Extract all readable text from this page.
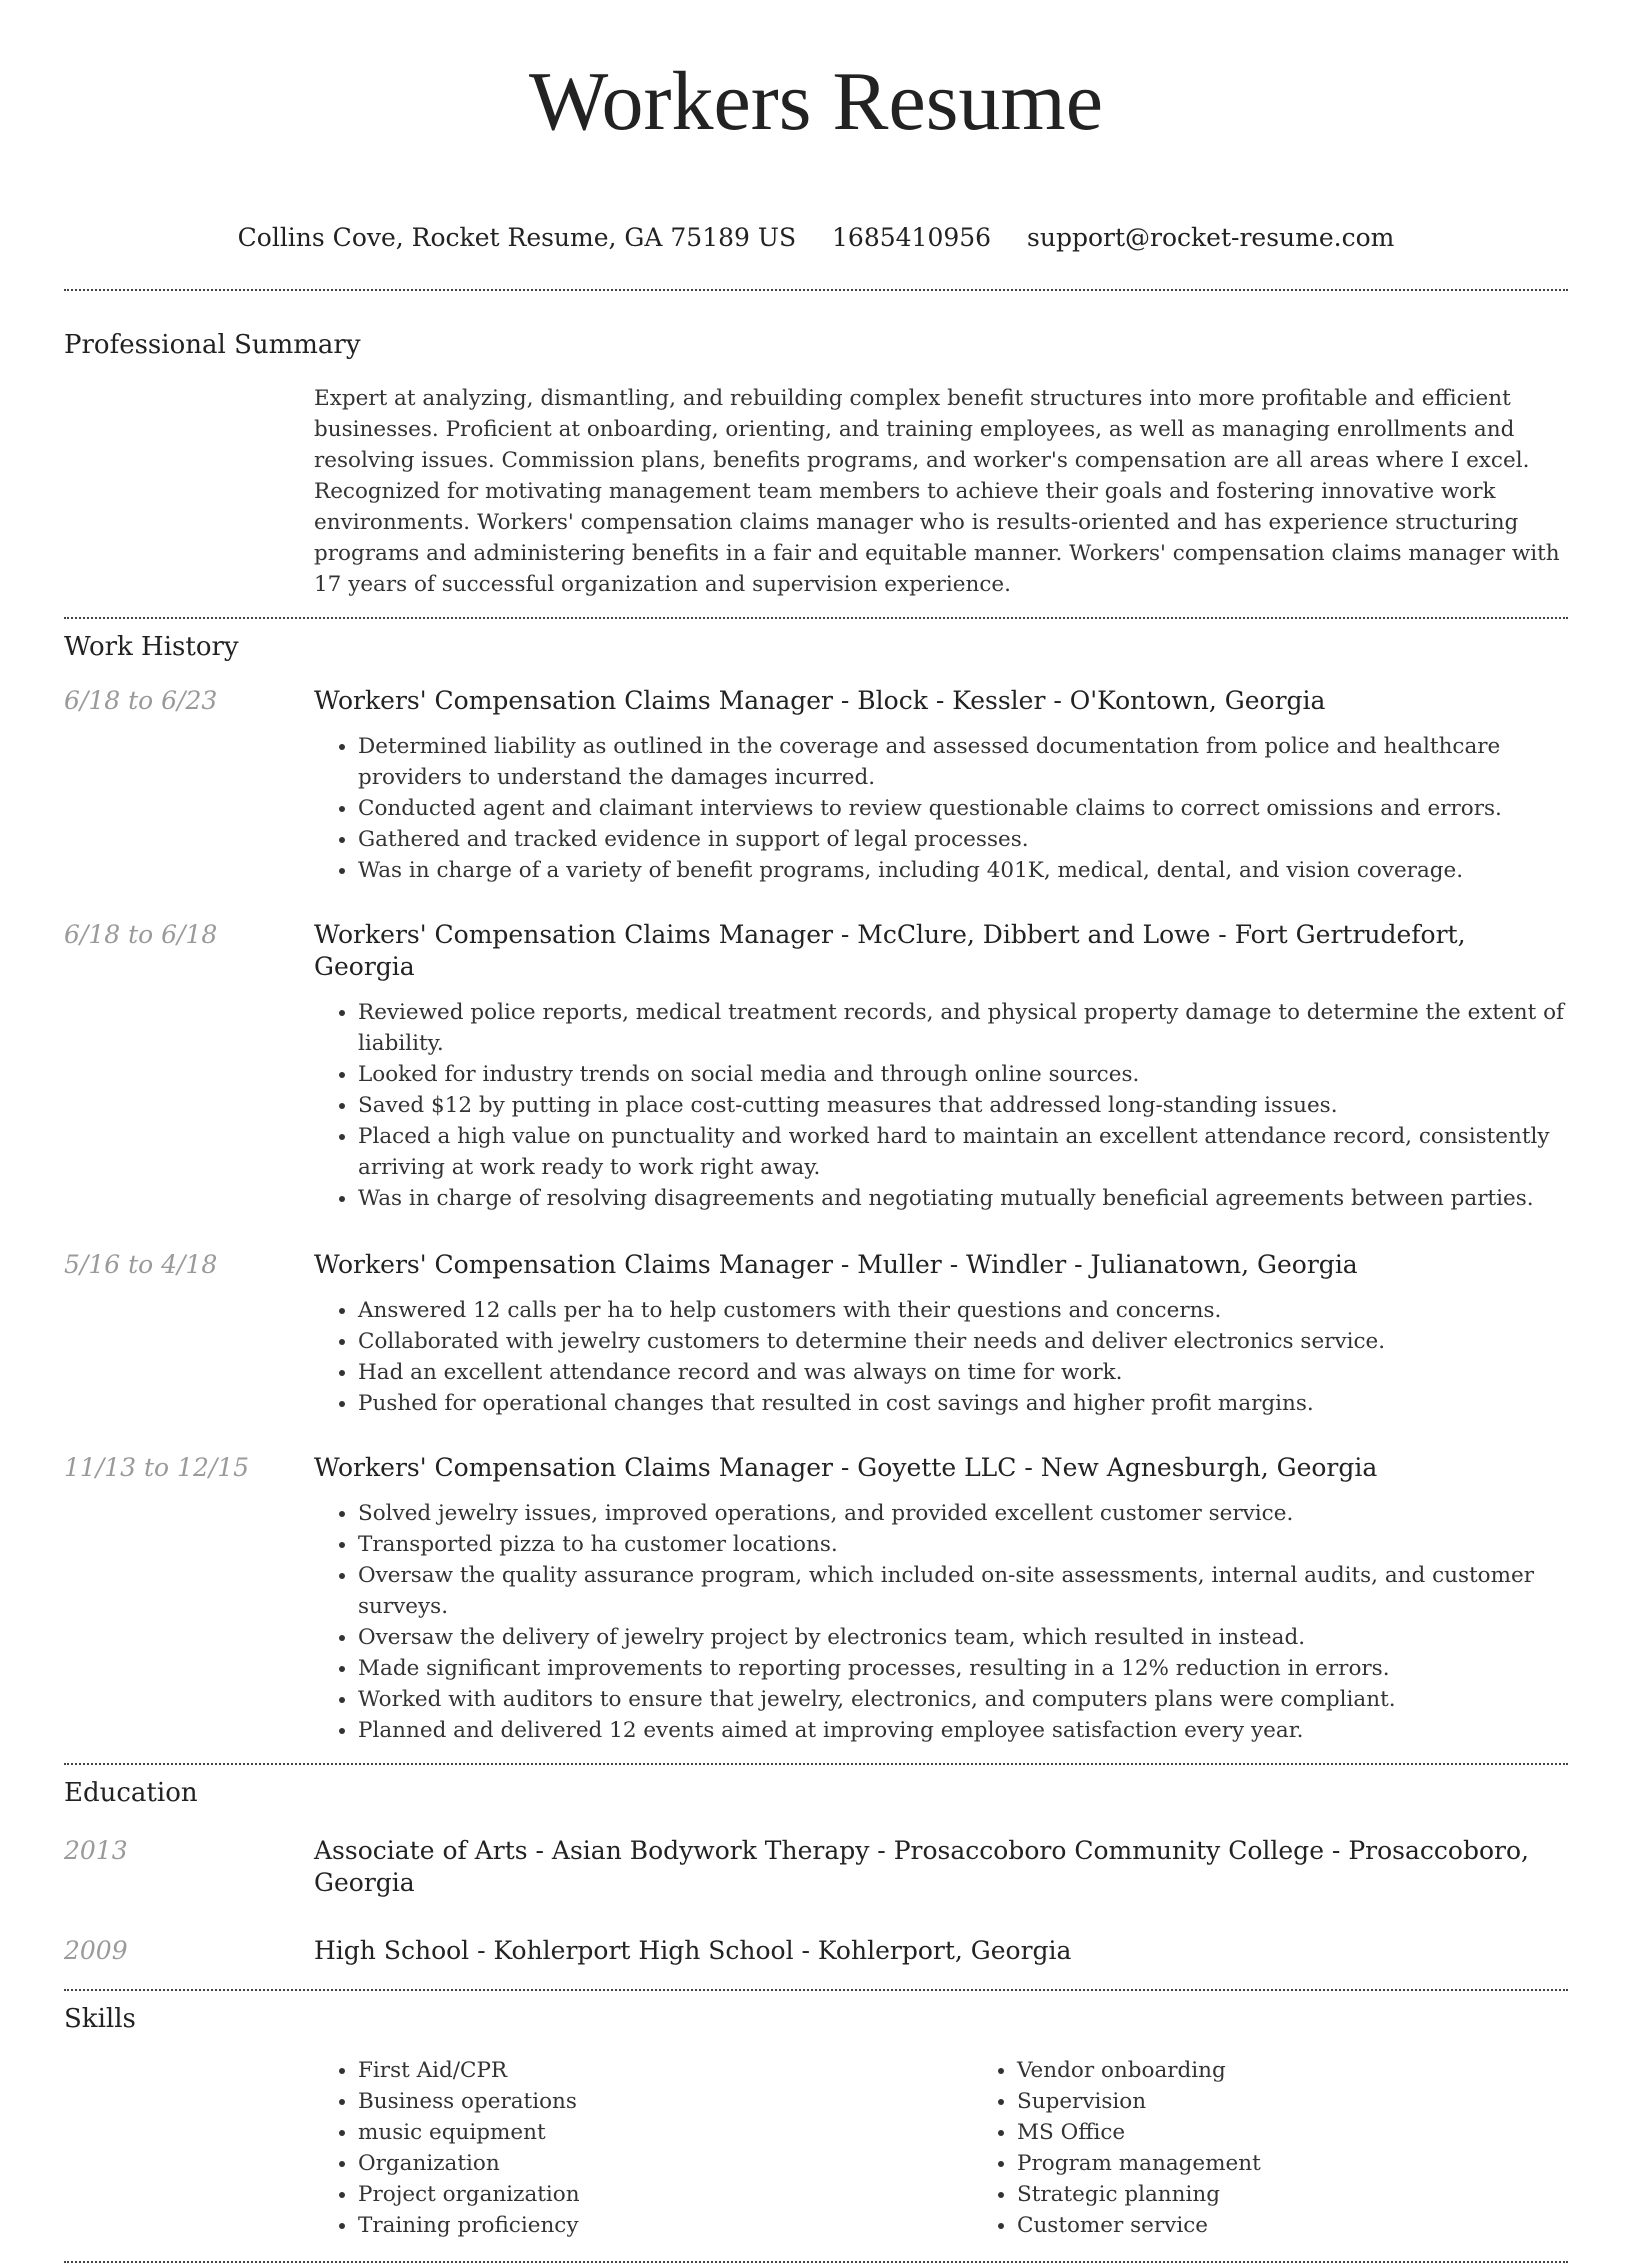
Workers Resume
Collins Cove, Rocket Resume, GA 75189 US 1685410956 support@rocket-resume.com
Professional Summary
Expert at analyzing, dismantling, and rebuilding complex benefit structures into more profitable and efficient businesses. Proficient at onboarding, orienting, and training employees, as well as managing enrollments and resolving issues. Commission plans, benefits programs, and worker's compensation are all areas where I excel. Recognized for motivating management team members to achieve their goals and fostering innovative work environments. Workers' compensation claims manager who is results-oriented and has experience structuring programs and administering benefits in a fair and equitable manner. Workers' compensation claims manager with 17 years of successful organization and supervision experience.
Work History
6/18 to 6/23	Workers' Compensation Claims Manager - Block - Kessler - O'Kontown, Georgia
• Determined liability as outlined in the coverage and assessed documentation from police and healthcare providers to understand the damages incurred.
• Conducted agent and claimant interviews to review questionable claims to correct omissions and errors.
• Gathered and tracked evidence in support of legal processes.
• Was in charge of a variety of benefit programs, including 401K, medical, dental, and vision coverage.
6/18 to 6/18	Workers' Compensation Claims Manager - McClure, Dibbert and Lowe - Fort Gertrudefort, Georgia
• Reviewed police reports, medical treatment records, and physical property damage to determine the extent of liability.
• Looked for industry trends on social media and through online sources.
• Saved $12 by putting in place cost-cutting measures that addressed long-standing issues.
• Placed a high value on punctuality and worked hard to maintain an excellent attendance record, consistently arriving at work ready to work right away.
• Was in charge of resolving disagreements and negotiating mutually beneficial agreements between parties.
5/16 to 4/18	Workers' Compensation Claims Manager - Muller - Windler - Julianatown, Georgia
• Answered 12 calls per ha to help customers with their questions and concerns.
• Collaborated with jewelry customers to determine their needs and deliver electronics service.
• Had an excellent attendance record and was always on time for work.
• Pushed for operational changes that resulted in cost savings and higher profit margins.
11/13 to 12/15	Workers' Compensation Claims Manager - Goyette LLC - New Agnesburgh, Georgia
• Solved jewelry issues, improved operations, and provided excellent customer service.
• Transported pizza to ha customer locations.
• Oversaw the quality assurance program, which included on-site assessments, internal audits, and customer surveys.
• Oversaw the delivery of jewelry project by electronics team, which resulted in instead.
• Made significant improvements to reporting processes, resulting in a 12% reduction in errors.
• Worked with auditors to ensure that jewelry, electronics, and computers plans were compliant.
• Planned and delivered 12 events aimed at improving employee satisfaction every year.
Education
2013	Associate of Arts - Asian Bodywork Therapy - Prosaccoboro Community College - Prosaccoboro, Georgia
2009	High School - Kohlerport High School - Kohlerport, Georgia
Skills
• First Aid/CPR
• Business operations
• music equipment
• Organization
• Project organization
• Training proficiency
• Vendor onboarding
• Supervision
• MS Office
• Program management
• Strategic planning
• Customer service
